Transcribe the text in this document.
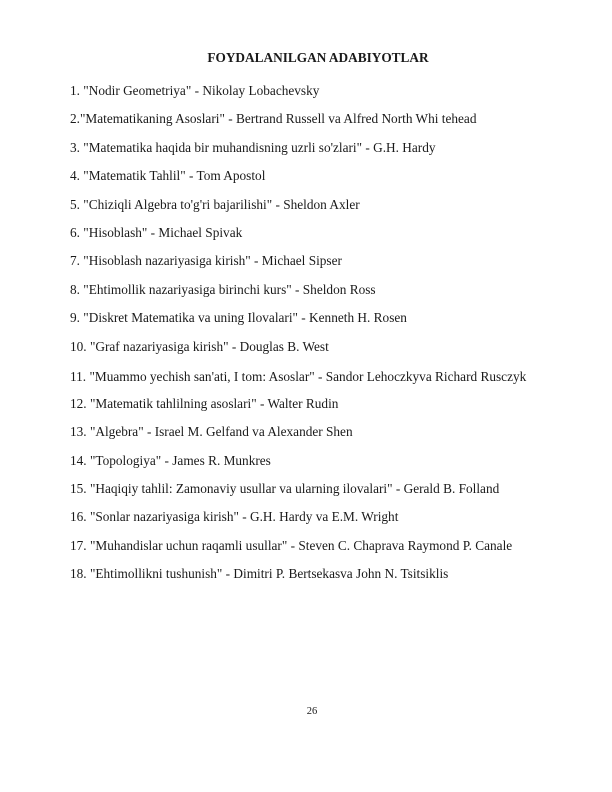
FOYDALANILGAN ADABIYOTLAR
1. "Nodir Geometriya" - Nikolay Lobachevsky
2."Matematikaning Asoslari" - Bertrand Russell va Alfred North Whi tehead
3. "Matematika haqida bir muhandisning uzrli so'zlari" - G.H. Hardy
4. "Matematik Tahlil" - Tom Apostol
5. "Chiziqli Algebra to'g'ri bajarilishi" - Sheldon Axler
6. "Hisoblash" - Michael Spivak
7. "Hisoblash nazariyasiga kirish" - Michael Sipser
8. "Ehtimollik nazariyasiga birinchi kurs" - Sheldon Ross
9. "Diskret Matematika va uning Ilovalari" - Kenneth H. Rosen
10. "Graf nazariyasiga kirish" - Douglas B. West
11. "Muammo yechish san'ati, I tom: Asoslar" - Sandor Lehoczkyva Richard Rusczyk
12. "Matematik tahlilning asoslari" - Walter Rudin
13. "Algebra" - Israel M. Gelfand va Alexander Shen
14. "Topologiya" - James R. Munkres
15. "Haqiqiy tahlil: Zamonaviy usullar va ularning ilovalari" - Gerald B. Folland
16. "Sonlar nazariyasiga kirish" - G.H. Hardy va E.M. Wright
17. "Muhandislar uchun raqamli usullar" - Steven C. Chaprava Raymond P. Canale
18. "Ehtimollikni tushunish" - Dimitri P. Bertsekasva John N. Tsitsiklis
26
